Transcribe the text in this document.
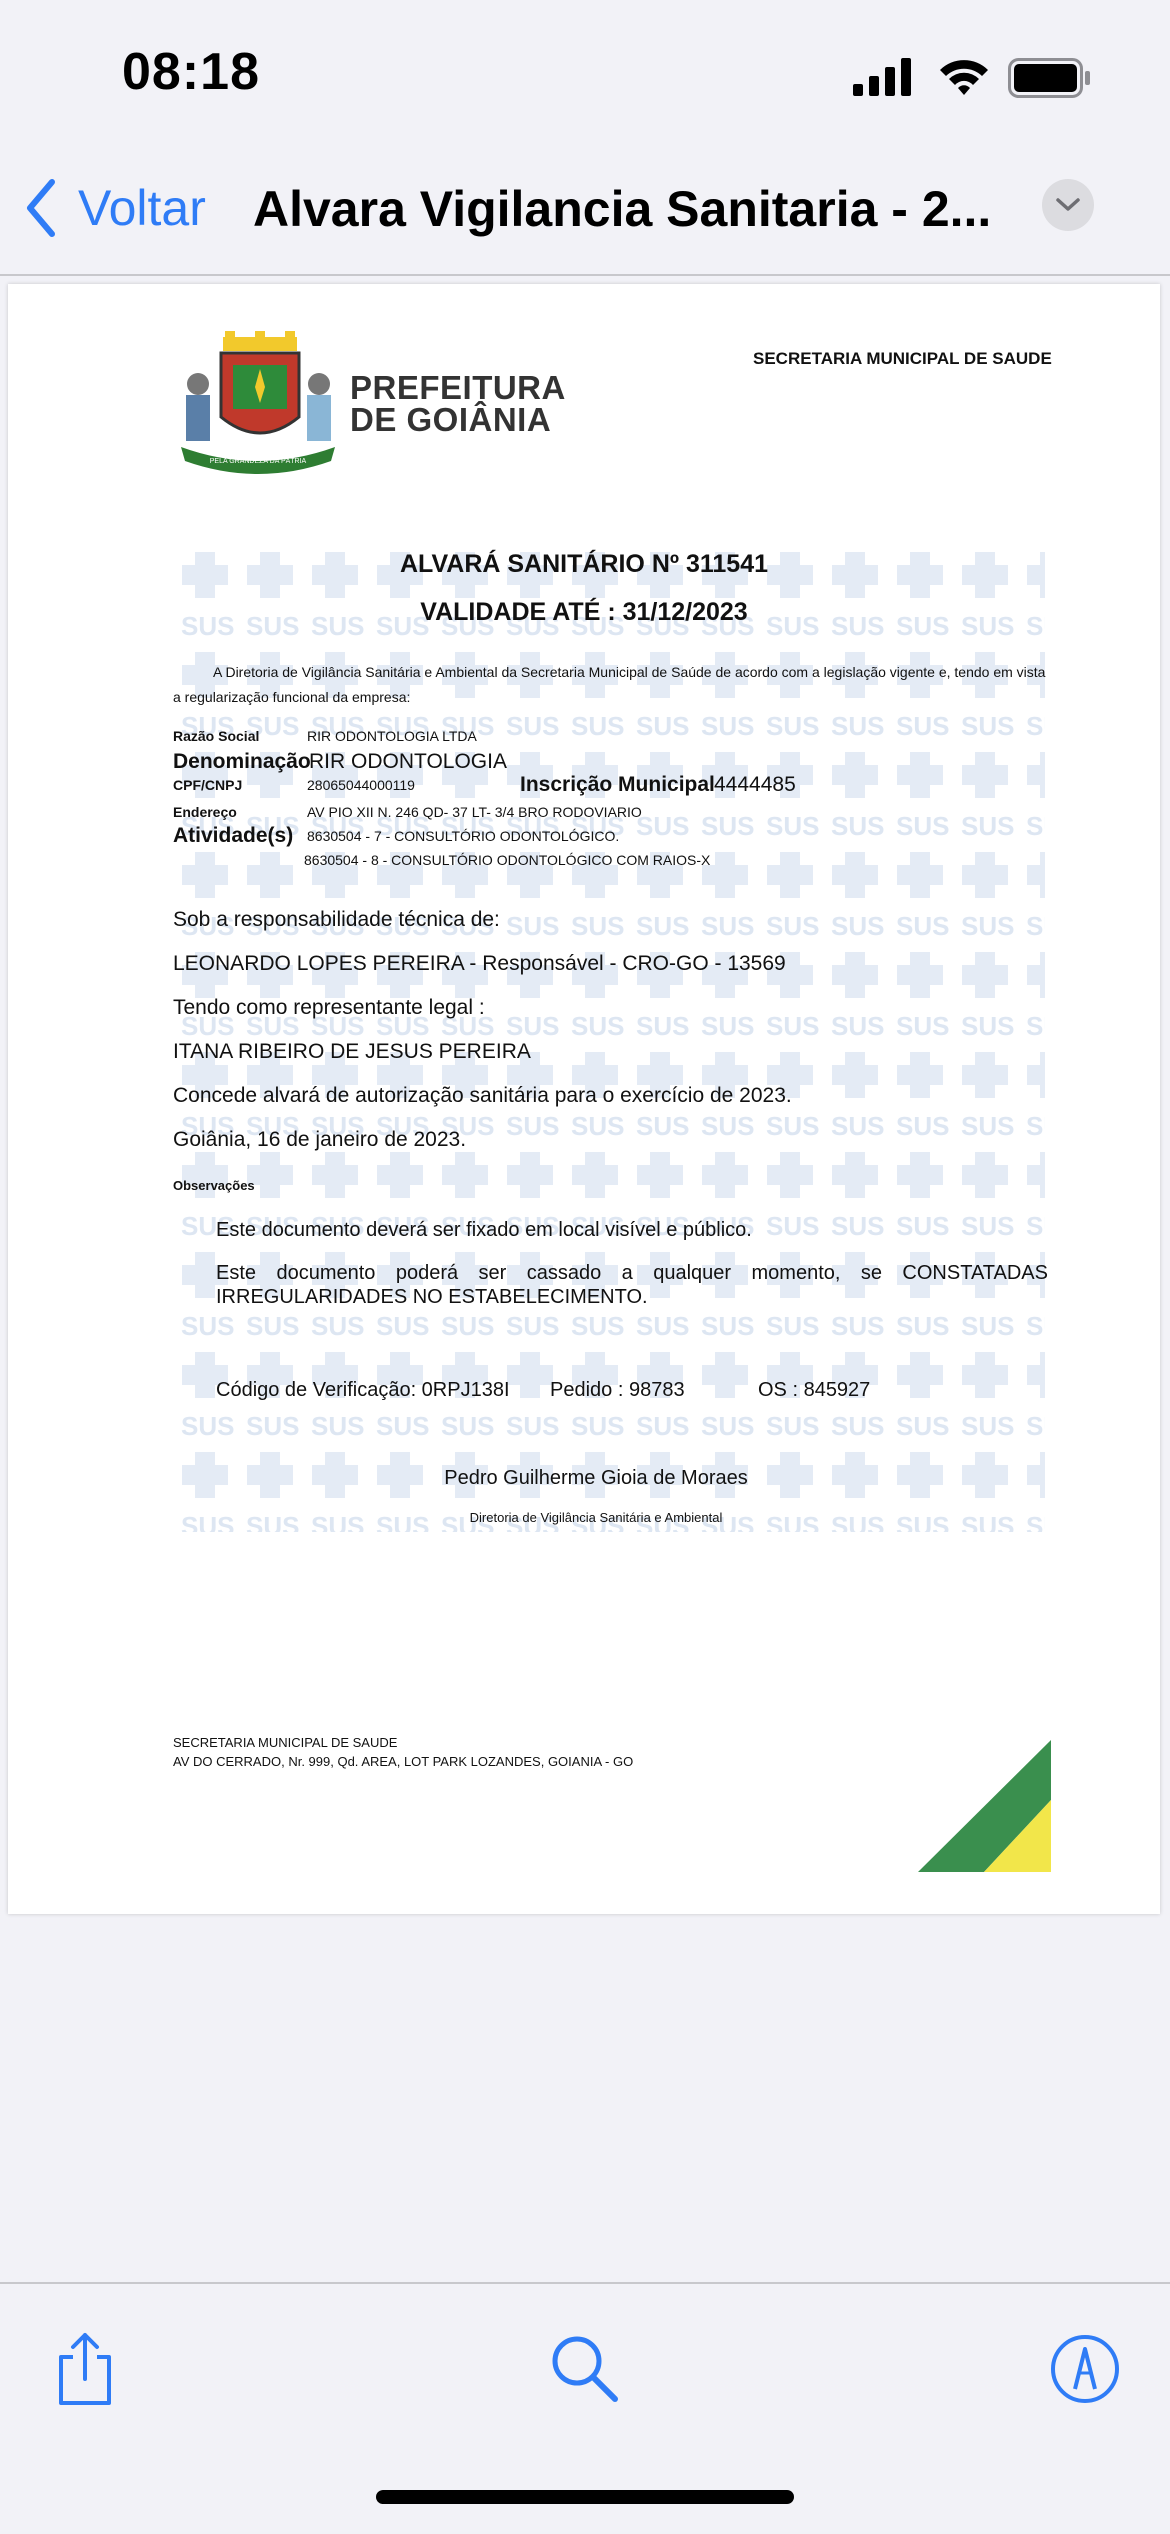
08:18
Voltar Alvara Vigilancia Sanitaria - 2...
PELA GRANDEZA DA PÁTRIA
PREFEITURA
DE GOIÂNIA
SECRETARIA MUNICIPAL DE SAUDE
ALVARÁ SANITÁRIO Nº 311541
VALIDADE ATÉ : 31/12/2023
A Diretoria de Vigilância Sanitária e Ambiental da Secretaria Municipal de Saúde de acordo com a legislação vigente e, tendo em vista a regularização funcional da empresa:
Razão Social	RIR ODONTOLOGIA LTDA
Denominação
RIR ODONTOLOGIA
CPF/CNPJ	28065044000119	Inscrição Municipal 4444485
Endereço	AV PIO XII N. 246 QD- 37 LT- 3/4 BRO RODOVIARIO
Atividade(s) 8630504 - 7 - CONSULTÓRIO ODONTOLÓGICO.
8630504 - 8 - CONSULTÓRIO ODONTOLÓGICO COM RAIOS-X
Sob a responsabilidade técnica de:
LEONARDO LOPES PEREIRA - Responsável - CRO-GO - 13569
Tendo como representante legal :
ITANA RIBEIRO DE JESUS PEREIRA
Concede alvará de autorização sanitária para o exercício de 2023.
Goiânia, 16 de janeiro de 2023.
Observações
Este documento deverá ser fixado em local visível e público.
Este documento poderá ser cassado a qualquer momento, se CONSTATADAS IRREGULARIDADES NO ESTABELECIMENTO.
Código de Verificação: 0RPJ138I Pedido : 98783	OS : 845927
Pedro Guilherme Gioia de Moraes
Diretoria de Vigilância Sanitária e Ambiental
SECRETARIA MUNICIPAL DE SAUDE
AV DO CERRADO, Nr. 999, Qd. AREA, LOT PARK LOZANDES, GOIANIA - GO
